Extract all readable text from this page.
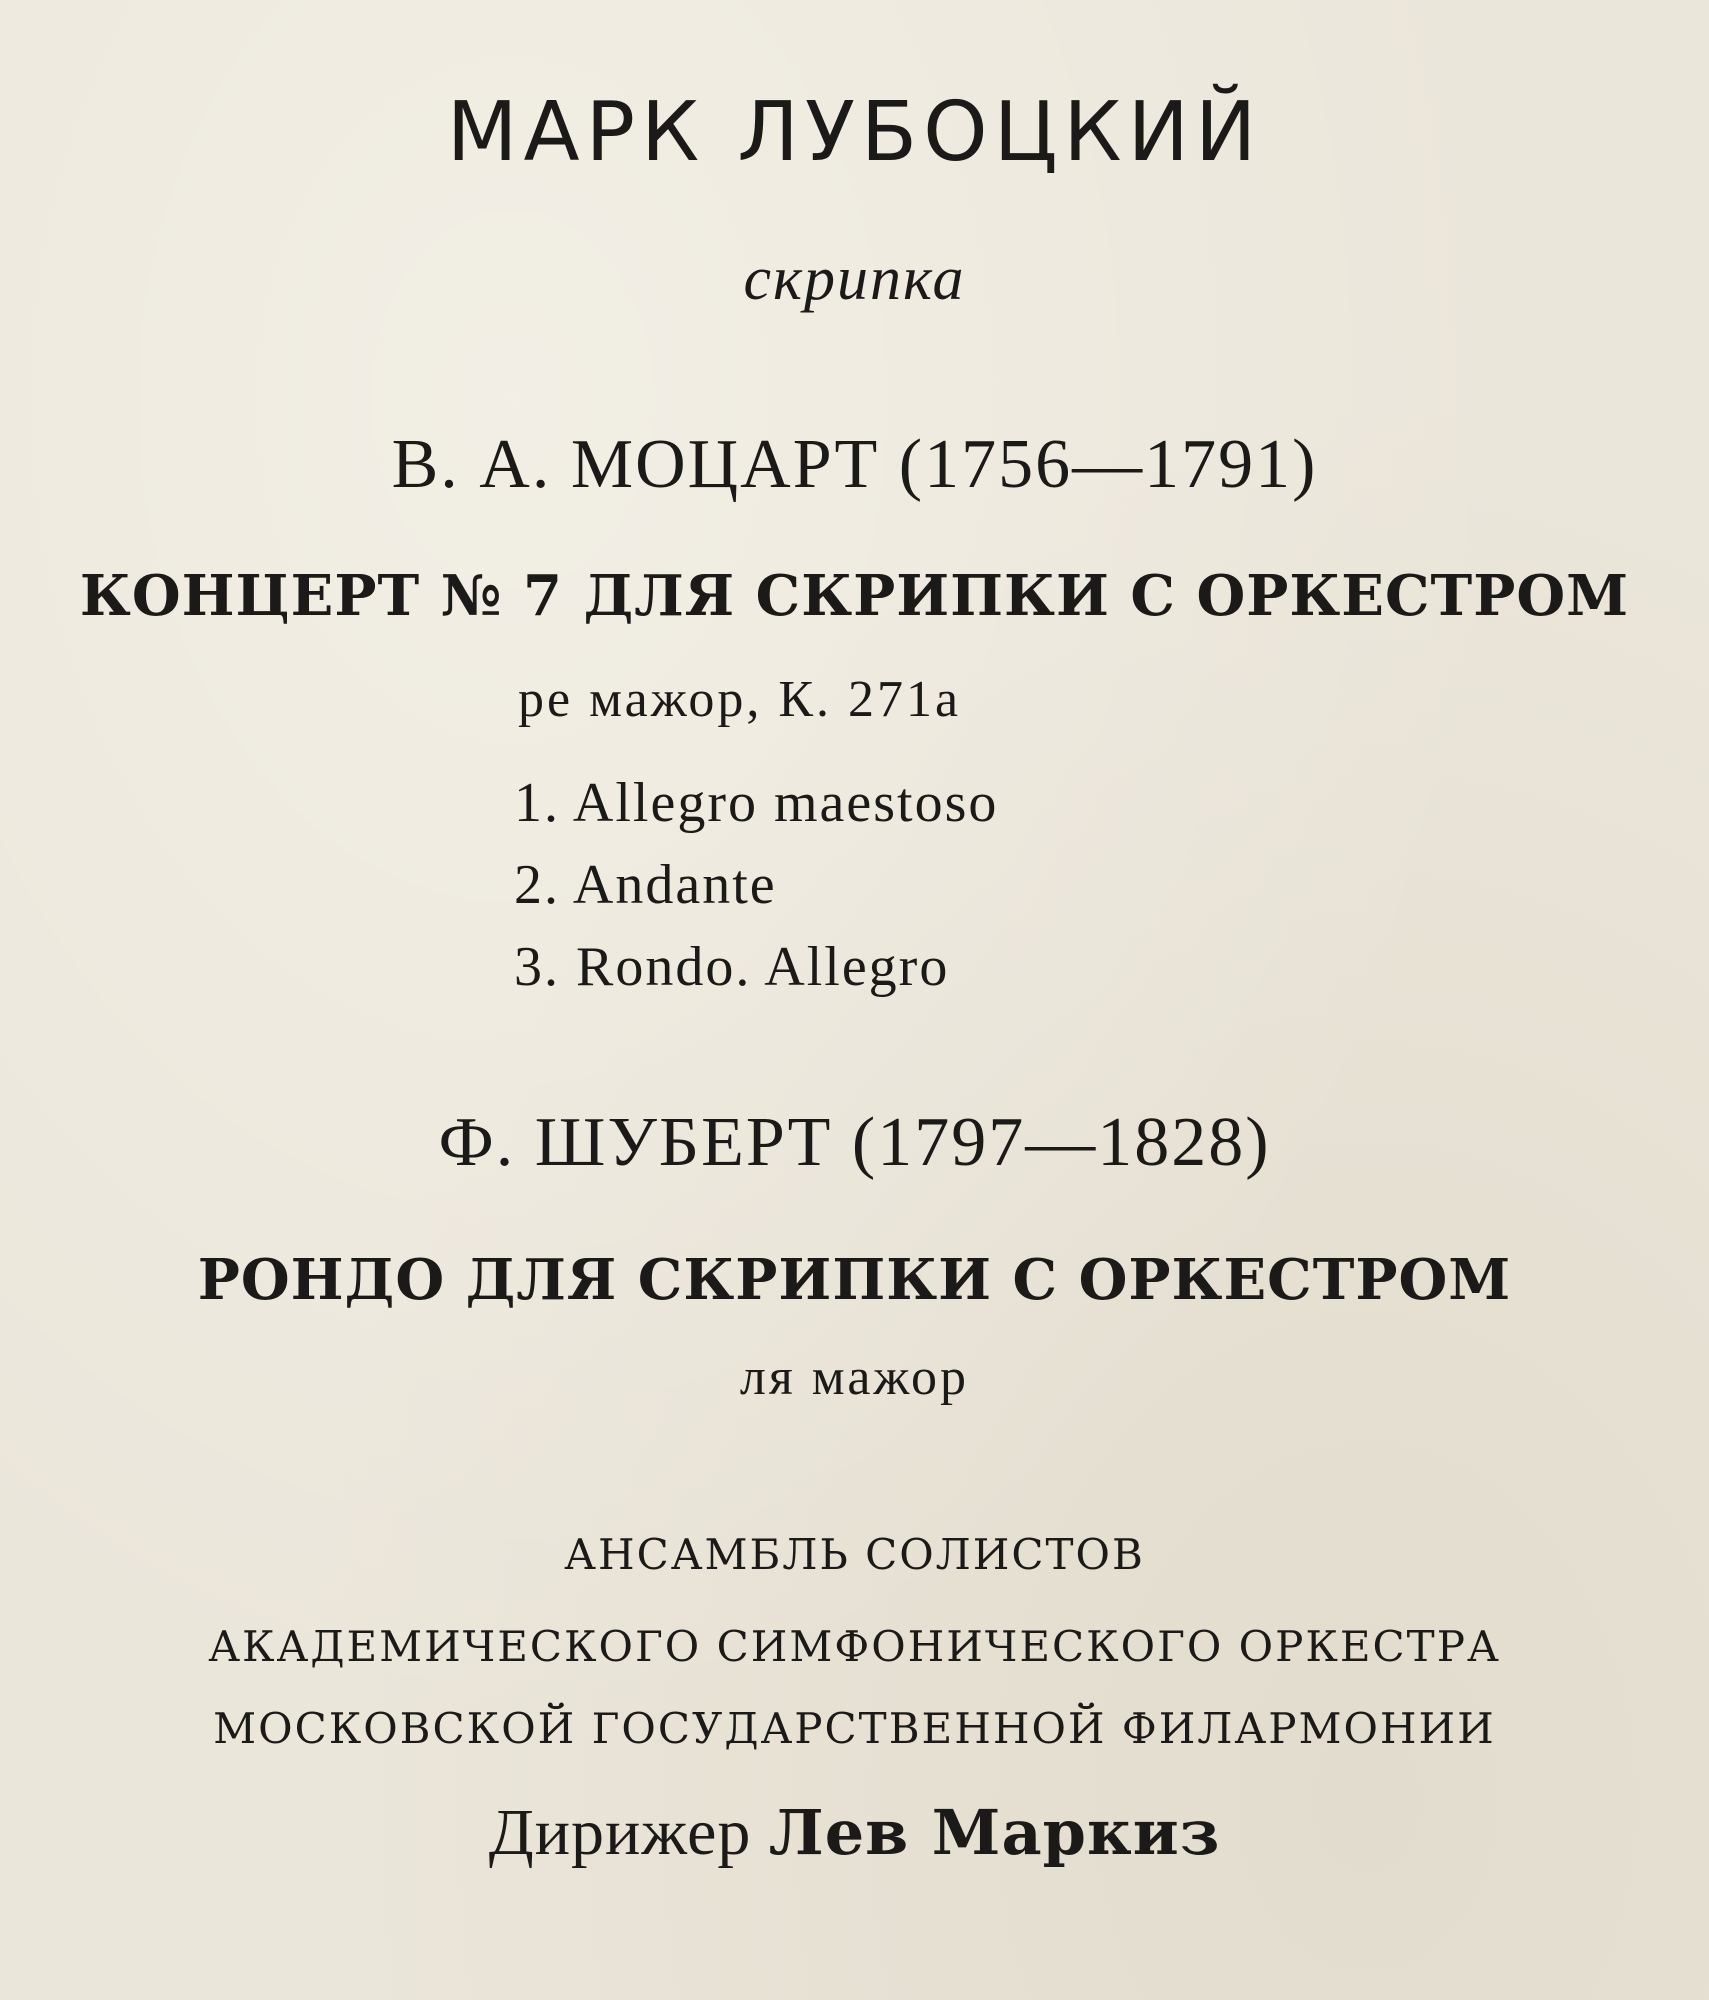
МАРК ЛУБОЦКИЙ
скрипка
В. А. МОЦАРТ (1756—1791)
КОНЦЕРТ № 7 ДЛЯ СКРИПКИ С ОРКЕСТРОМ
ре мажор, К. 271а
1. Allegro maestoso
2. Andante
3. Rondo. Allegro
Ф. ШУБЕРТ (1797—1828)
РОНДО ДЛЯ СКРИПКИ С ОРКЕСТРОМ
ля мажор
АНСАМБЛЬ СОЛИСТОВ
АКАДЕМИЧЕСКОГО СИМФОНИЧЕСКОГО ОРКЕСТРА
МОСКОВСКОЙ ГОСУДАРСТВЕННОЙ ФИЛАРМОНИИ
Дирижер Лев Маркиз
